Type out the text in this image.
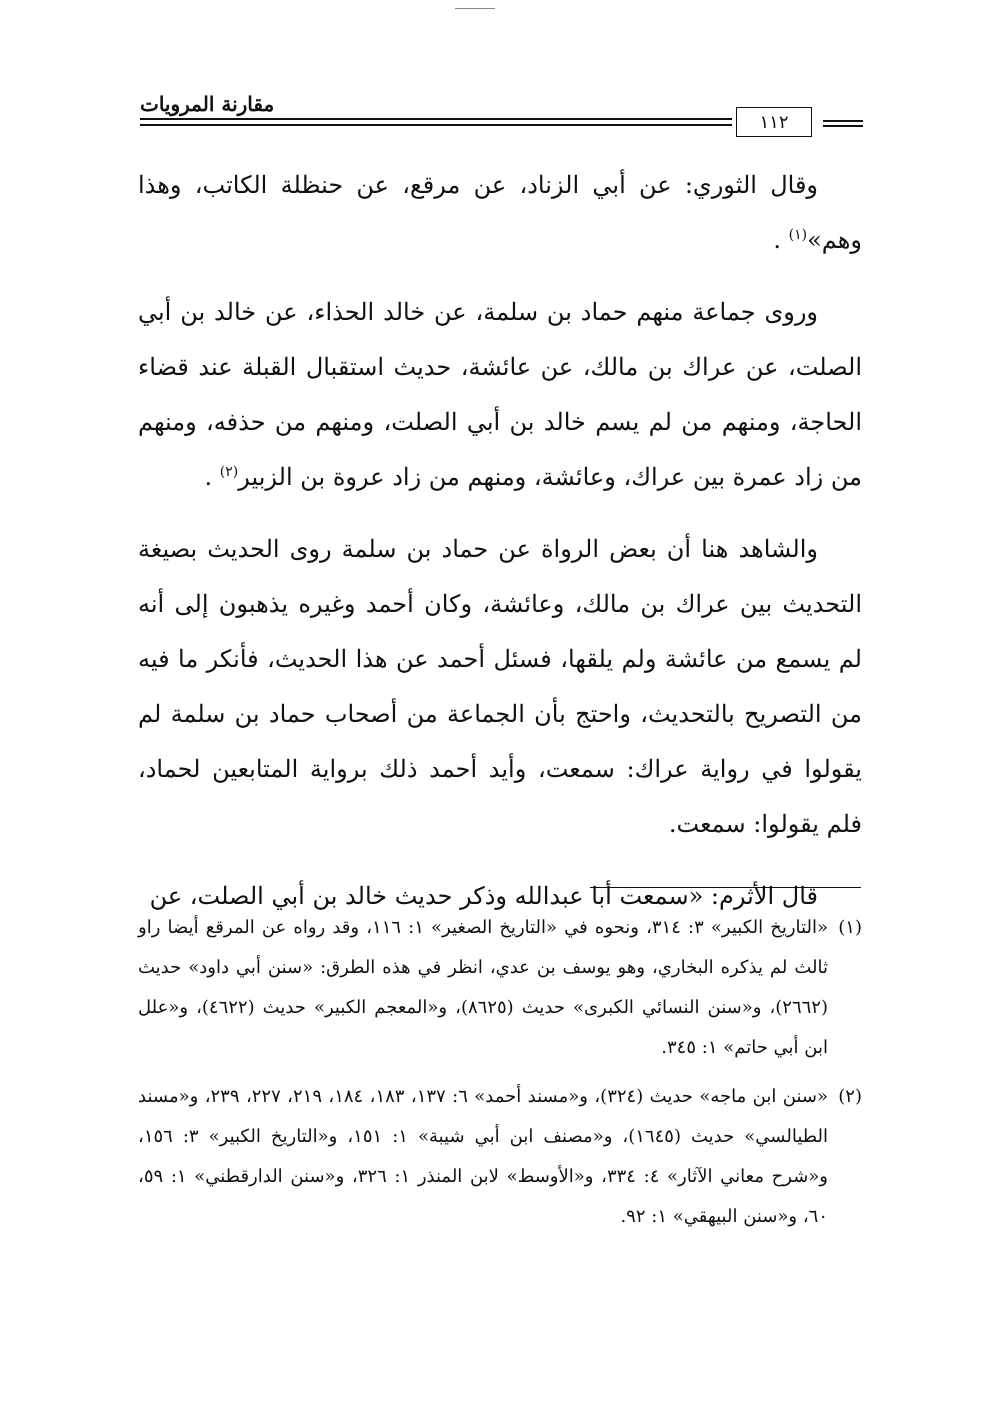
مقارنة المرويات
١١٢

وقال الثوري: عن أبي الزناد، عن مرقع، عن حنظلة الكاتب، وهذا وهم»$^{(١)}$ .

وروى جماعة منهم حماد بن سلمة، عن خالد الحذاء، عن خالد بن أبي الصلت، عن عراك بن مالك، عن عائشة، حديث استقبال القبلة عند قضاء الحاجة، ومنهم من لم يسم خالد بن أبي الصلت، ومنهم من حذفه، ومنهم من زاد عمرة بين عراك، وعائشة، ومنهم من زاد عروة بن الزبير$^{(٢)}$ .

والشاهد هنا أن بعض الرواة عن حماد بن سلمة روى الحديث بصيغة التحديث بين عراك بن مالك، وعائشة، وكان أحمد وغيره يذهبون إلى أنه لم يسمع من عائشة ولم يلقها، فسئل أحمد عن هذا الحديث، فأنكر ما فيه من التصريح بالتحديث، واحتج بأن الجماعة من أصحاب حماد بن سلمة لم يقولوا في رواية عراك: سمعت، وأيد أحمد ذلك برواية المتابعين لحماد، فلم يقولوا: سمعت.

قال الأثرم: «سمعت أبا عبدالله وذكر حديث خالد بن أبي الصلت، عن

(١)
«التاريخ الكبير» ٣: ٣١٤، ونحوه في «التاريخ الصغير» ١: ١١٦، وقد رواه عن المرقع أيضا راو ثالث لم يذكره البخاري، وهو يوسف بن عدي، انظر في هذه الطرق: «سنن أبي داود» حديث (٢٦٦٢)، و«سنن النسائي الكبرى» حديث (٨٦٢٥)، و«المعجم الكبير» حديث (٤٦٢٢)، و«علل ابن أبي حاتم» ١: ٣٤٥.
(٢)
«سنن ابن ماجه» حديث (٣٢٤)، و«مسند أحمد» ٦: ١٣٧، ١٨٣، ١٨٤، ٢١٩، ٢٢٧، ٢٣٩، و«مسند الطيالسي» حديث (١٦٤٥)، و«مصنف ابن أبي شيبة» ١: ١٥١، و«التاريخ الكبير» ٣: ١٥٦، و«شرح معاني الآثار» ٤: ٣٣٤، و«الأوسط» لابن المنذر ١: ٣٢٦، و«سنن الدارقطني» ١: ٥٩، ٦٠، و«سنن البيهقي» ١: ٩٢.
